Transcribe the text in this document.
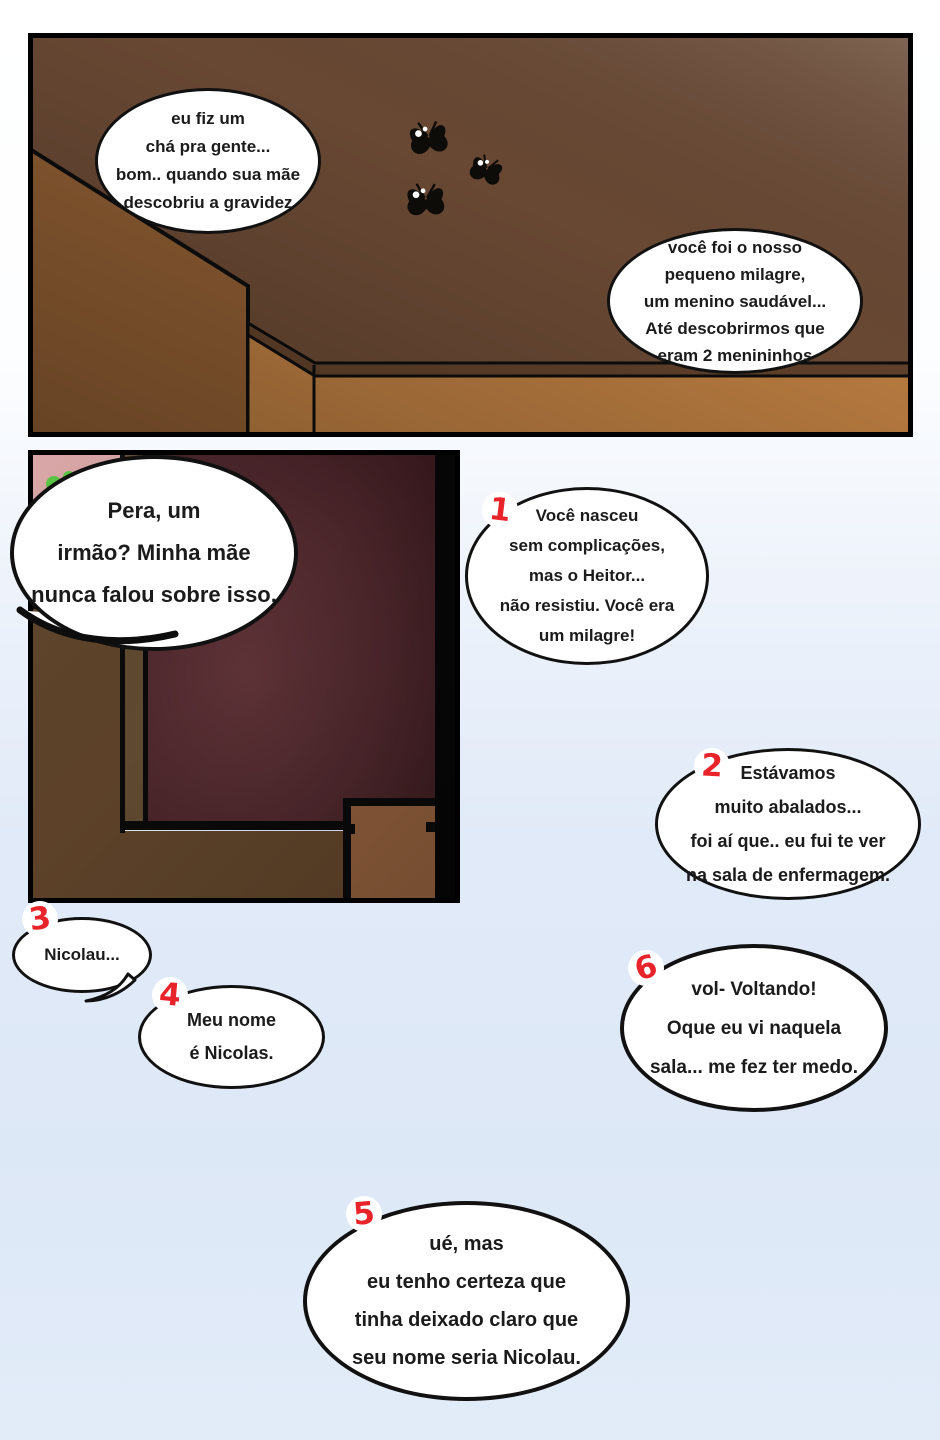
eu fiz um
chá pra gente...
bom.. quando sua mãe
descobriu a gravidez
você foi o nosso
pequeno milagre,
um menino saudável...
Até descobrirmos que
eram 2 menininhos
Pera, um
irmão? Minha mãe
nunca falou sobre isso.
Você nasceu
sem complicações,
mas o Heitor...
não resistiu. Você era
um milagre!
Estávamos
muito abalados...
foi aí que.. eu fui te ver
na sala de enfermagem.
Nicolau...
Meu nome
é Nicolas.
vol- Voltando!
Oque eu vi naquela
sala... me fez ter medo.
ué, mas
eu tenho certeza que
tinha deixado claro que
seu nome seria Nicolau.
1
2
3
4
5
6
